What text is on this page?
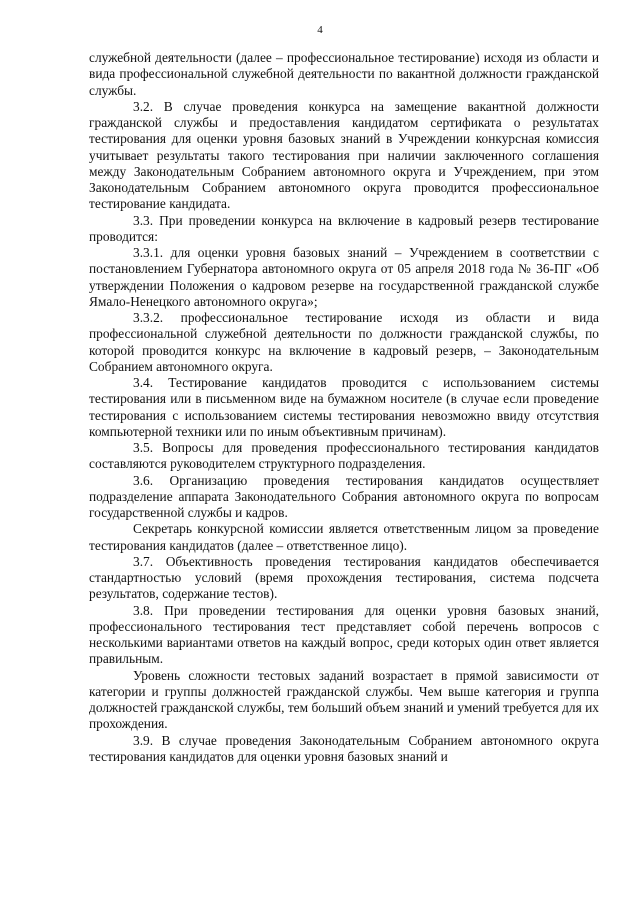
4

служебной деятельности (далее – профессиональное тестирование) исходя из области и вида профессиональной служебной деятельности по вакантной должности гражданской службы.

3.2. В случае проведения конкурса на замещение вакантной должности гражданской службы и предоставления кандидатом сертификата о результатах тестирования для оценки уровня базовых знаний в Учреждении конкурсная комиссия учитывает результаты такого тестирования при наличии заключенного соглашения между Законодательным Собранием автономного округа и Учреждением, при этом Законодательным Собранием автономного округа проводится профессиональное тестирование кандидата.

3.3. При проведении конкурса на включение в кадровый резерв тестирование проводится:

3.3.1. для оценки уровня базовых знаний – Учреждением в соответствии с постановлением Губернатора автономного округа от 05 апреля 2018 года № 36-ПГ «Об утверждении Положения о кадровом резерве на государственной гражданской службе Ямало-Ненецкого автономного округа»;

3.3.2. профессиональное тестирование исходя из области и вида профессиональной служебной деятельности по должности гражданской службы, по которой проводится конкурс на включение в кадровый резерв, – Законодательным Собранием автономного округа.

3.4. Тестирование кандидатов проводится с использованием системы тестирования или в письменном виде на бумажном носителе (в случае если проведение тестирования с использованием системы тестирования невозможно ввиду отсутствия компьютерной техники или по иным объективным причинам).

3.5. Вопросы для проведения профессионального тестирования кандидатов составляются руководителем структурного подразделения.

3.6. Организацию проведения тестирования кандидатов осуществляет подразделение аппарата Законодательного Собрания автономного округа по вопросам государственной службы и кадров.

Секретарь конкурсной комиссии является ответственным лицом за проведение тестирования кандидатов (далее – ответственное лицо).

3.7. Объективность проведения тестирования кандидатов обеспечивается стандартностью условий (время прохождения тестирования, система подсчета результатов, содержание тестов).

3.8. При проведении тестирования для оценки уровня базовых знаний, профессионального тестирования тест представляет собой перечень вопросов с несколькими вариантами ответов на каждый вопрос, среди которых один ответ является правильным.

Уровень сложности тестовых заданий возрастает в прямой зависимости от категории и группы должностей гражданской службы. Чем выше категория и группа должностей гражданской службы, тем больший объем знаний и умений требуется для их прохождения.

3.9. В случае проведения Законодательным Собранием автономного округа тестирования кандидатов для оценки уровня базовых знаний и
